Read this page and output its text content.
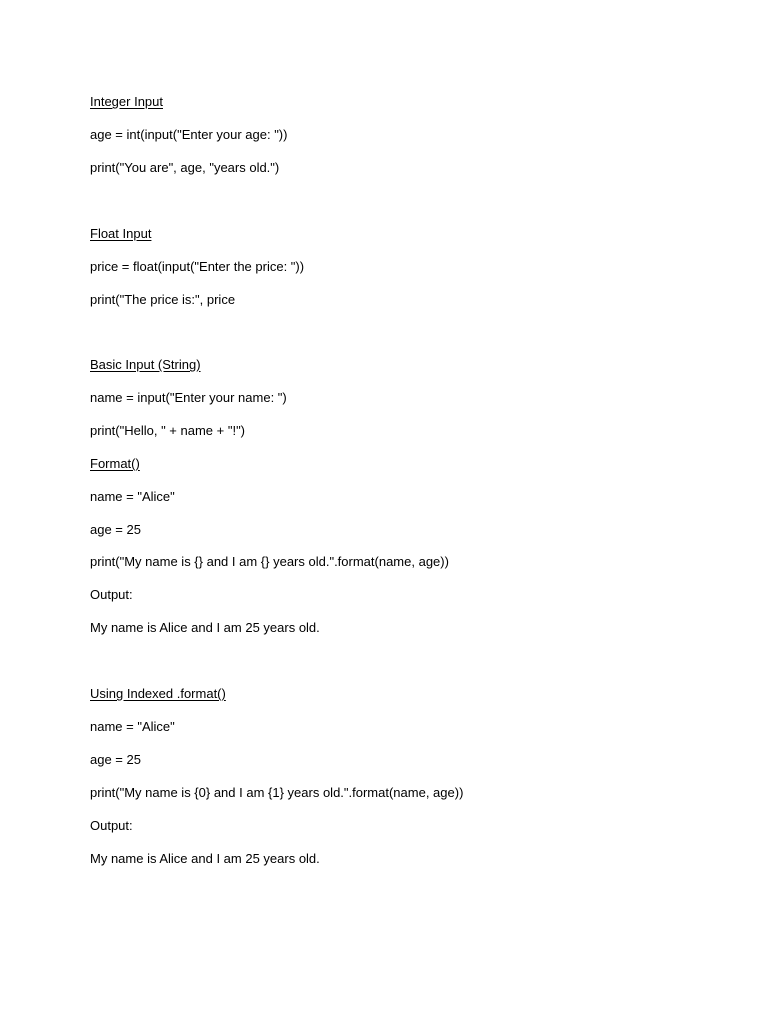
Integer Input

age = int(input("Enter your age: "))

print("You are", age, "years old.")

Float Input

price = float(input("Enter the price: "))

print("The price is:", price

Basic Input (String)

name = input("Enter your name: ")

print("Hello, " + name + "!")

Format()

name = "Alice"

age = 25

print("My name is {} and I am {} years old.".format(name, age))

Output:

My name is Alice and I am 25 years old.

Using Indexed .format()

name = "Alice"

age = 25

print("My name is {0} and I am {1} years old.".format(name, age))

Output:

My name is Alice and I am 25 years old.
